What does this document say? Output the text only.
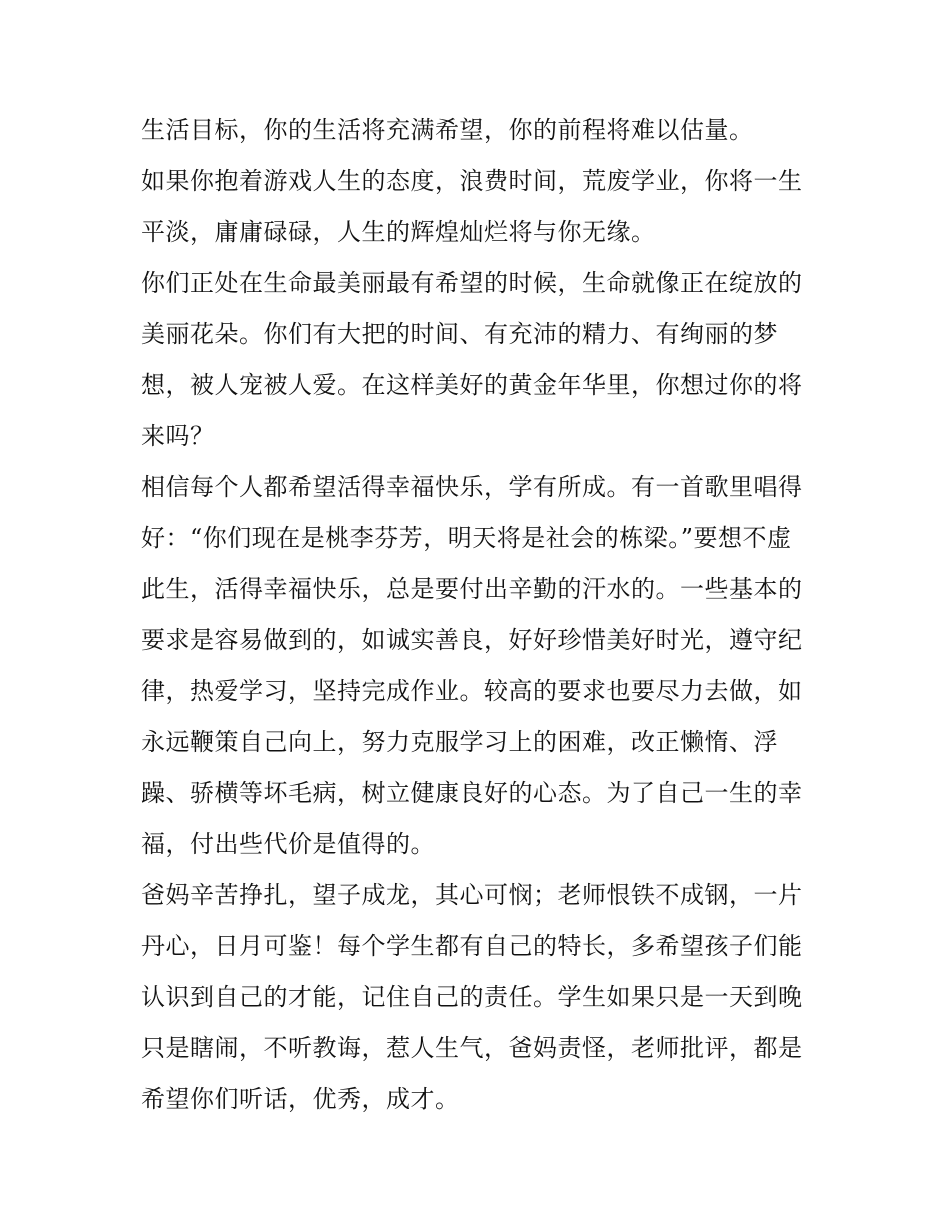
生活目标，你的生活将充满希望，你的前程将难以估量。
如果你抱着游戏人生的态度，浪费时间，荒废学业，你将一生
平淡，庸庸碌碌，人生的辉煌灿烂将与你无缘。
你们正处在生命最美丽最有希望的时候，生命就像正在绽放的
美丽花朵。你们有大把的时间、有充沛的精力、有绚丽的梦
想，被人宠被人爱。在这样美好的黄金年华里，你想过你的将
来吗？
相信每个人都希望活得幸福快乐，学有所成。有一首歌里唱得
好：“你们现在是桃李芬芳，明天将是社会的栋梁。”要想不虚
此生，活得幸福快乐，总是要付出辛勤的汗水的。一些基本的
要求是容易做到的，如诚实善良，好好珍惜美好时光，遵守纪
律，热爱学习，坚持完成作业。较高的要求也要尽力去做，如
永远鞭策自己向上，努力克服学习上的困难，改正懒惰、浮
躁、骄横等坏毛病，树立健康良好的心态。为了自己一生的幸
福，付出些代价是值得的。
爸妈辛苦挣扎，望子成龙，其心可悯；老师恨铁不成钢，一片
丹心，日月可鉴！每个学生都有自己的特长，多希望孩子们能
认识到自己的才能，记住自己的责任。学生如果只是一天到晚
只是瞎闹，不听教诲，惹人生气，爸妈责怪，老师批评，都是
希望你们听话，优秀，成才。
